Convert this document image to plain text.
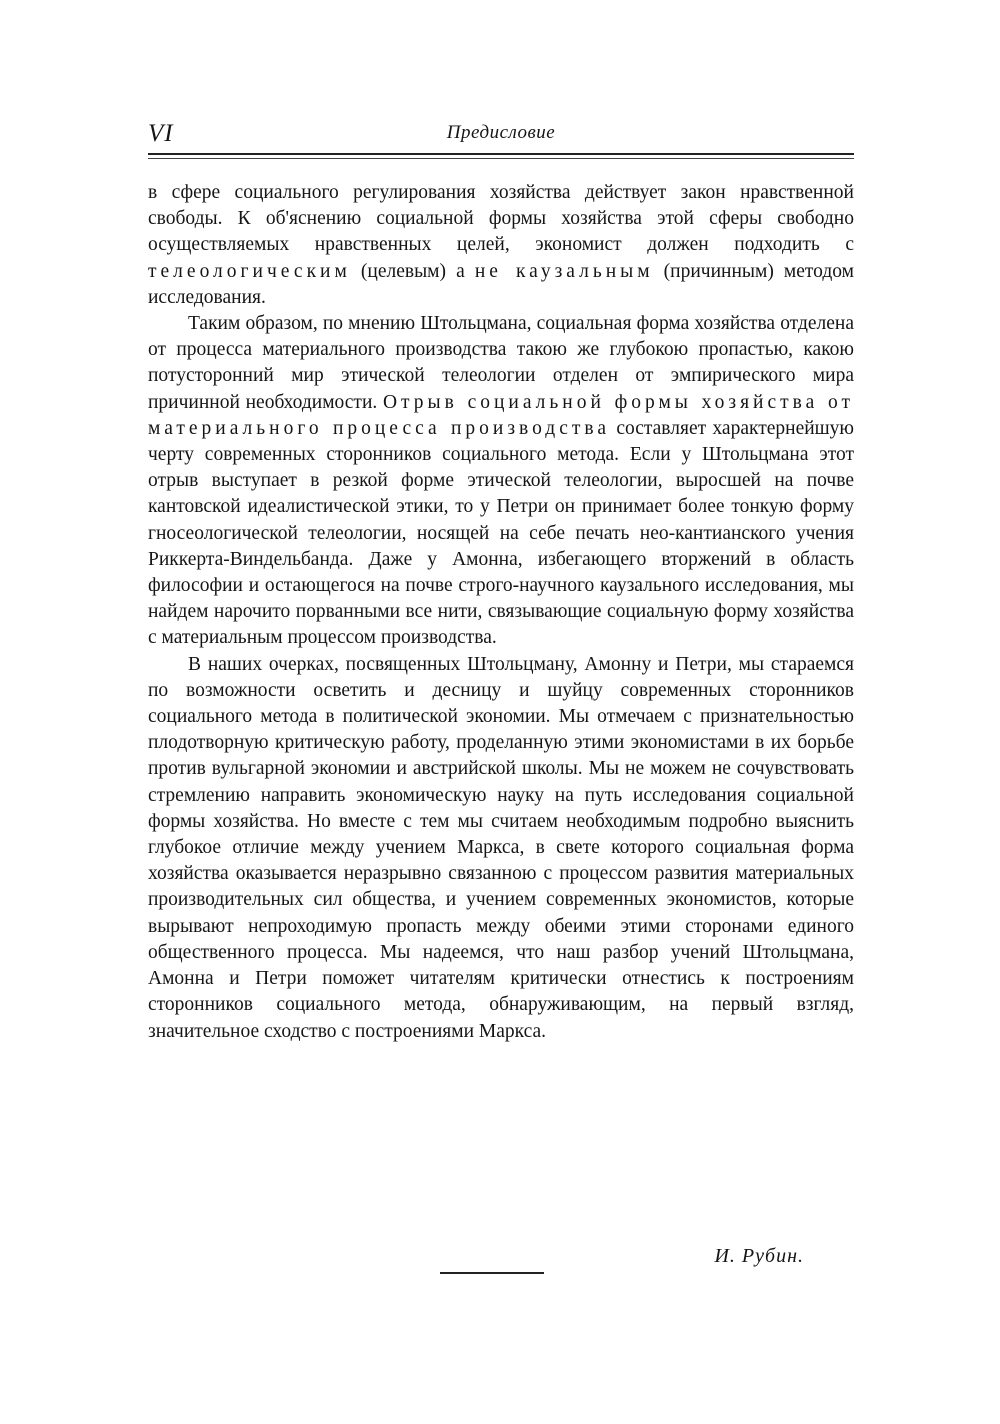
VI	Предисловие

в сфере социального регулирования хозяйства действует закон нравственной свободы. К об'яснению социальной формы хозяйства этой сферы свободно осуществляемых нравственных целей, экономист должен подходить с телеологическим (целевым) а не каузальным (причинным) методом исследования.

Таким образом, по мнению Штольцмана, социальная форма хозяйства отделена от процесса материального производства такою же глубокою пропастью, какою потусторонний мир этической телеологии отделен от эмпирического мира причинной необходимости. Отрыв социальной формы хозяйства от материального процесса производства составляет характернейшую черту современных сторонников социального метода. Если у Штольцмана этот отрыв выступает в резкой форме этической телеологии, выросшей на почве кантовской идеалистической этики, то у Петри он принимает более тонкую форму гносеологической телеологии, носящей на себе печать нео-кантианского учения Риккерта-Виндельбанда. Даже у Амонна, избегающего вторжений в область философии и остающегося на почве строго-научного каузального исследования, мы найдем нарочито порванными все нити, связывающие социальную форму хозяйства с материальным процессом производства.

В наших очерках, посвященных Штольцману, Амонну и Петри, мы стараемся по возможности осветить и десницу и шуйцу современных сторонников социального метода в политической экономии. Мы отмечаем с признательностью плодотворную критическую работу, проделанную этими экономистами в их борьбе против вульгарной экономии и австрийской школы. Мы не можем не сочувствовать стремлению направить экономическую науку на путь исследования социальной формы хозяйства. Но вместе с тем мы считаем необходимым подробно выяснить глубокое отличие между учением Маркса, в свете которого социальная форма хозяйства оказывается неразрывно связанною с процессом развития материальных производительных сил общества, и учением современных экономистов, которые вырывают непроходимую пропасть между обеими этими сторонами единого общественного процесса. Мы надеемся, что наш разбор учений Штольцмана, Амонна и Петри поможет читателям критически отнестись к построениям сторонников социального метода, обнаруживающим, на первый взгляд, значительное сходство с построениями Маркса.

И. Рубин.
